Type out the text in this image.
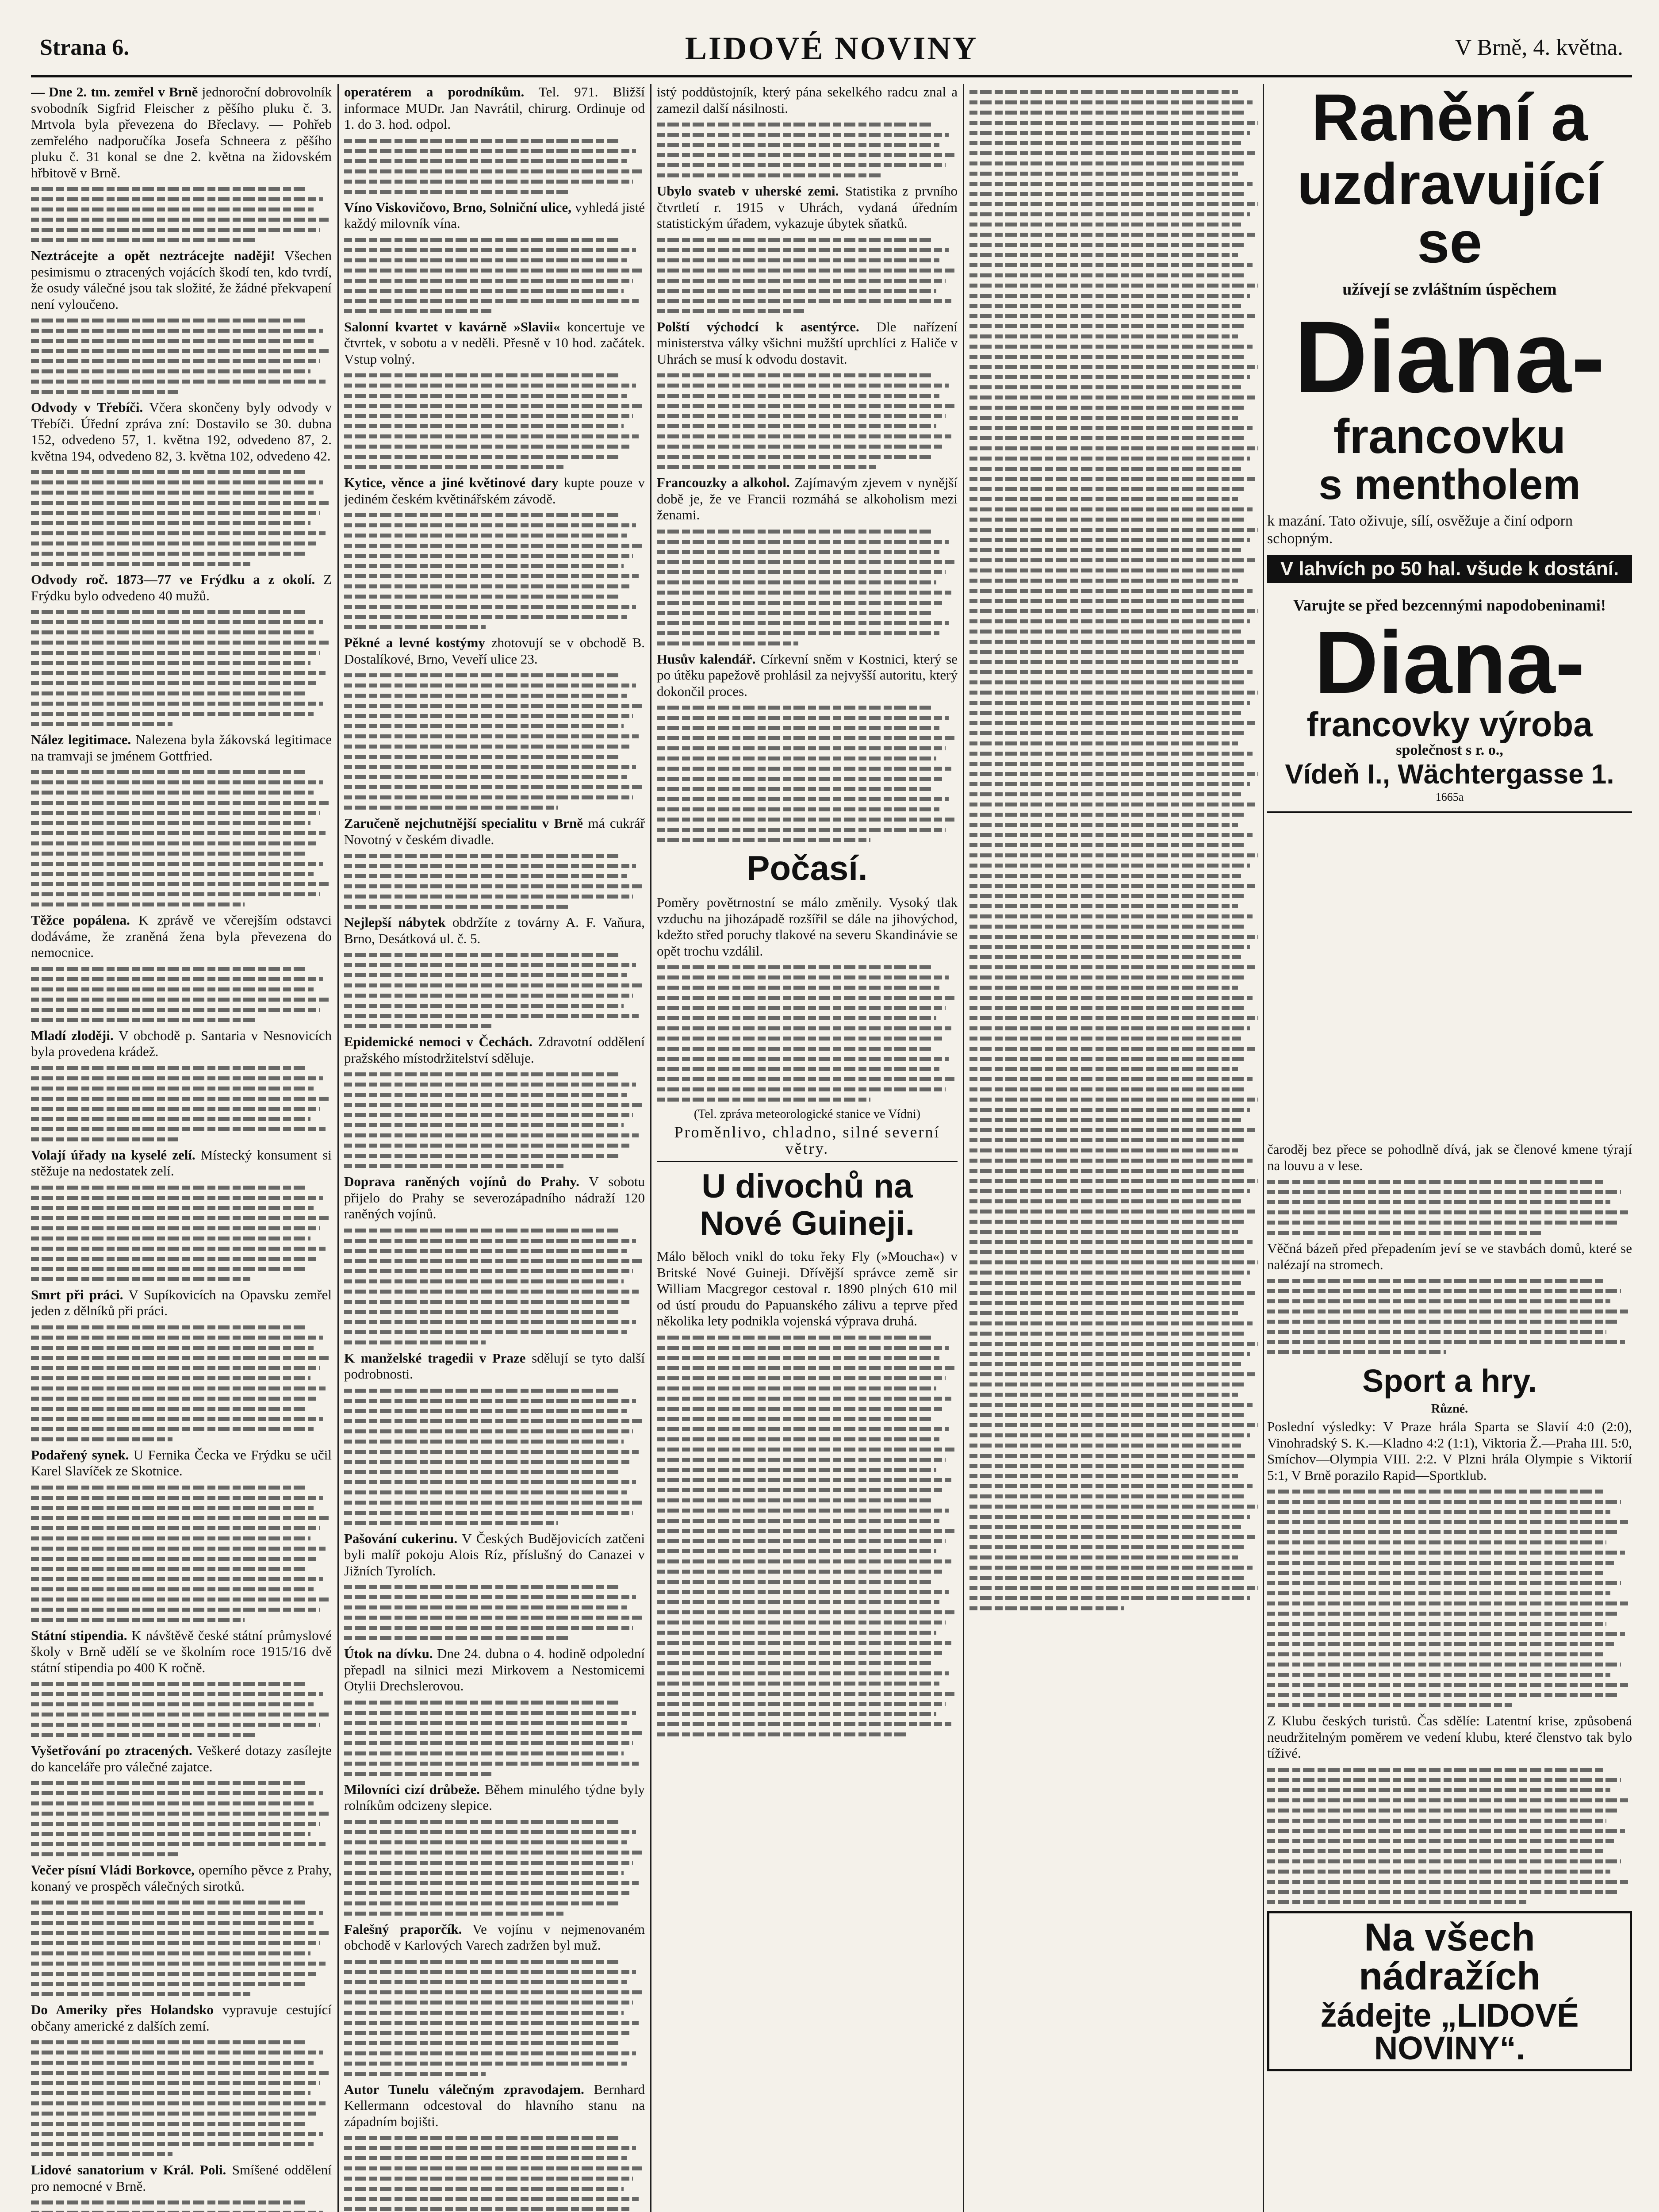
Strana 6.	LIDOVÉ NOVINY	V Brně, 4. května.

— Dne 2. tm. zemřel v Brně jednoroční dobrovolník svobodník Sigfrid Fleischer z pěšího pluku č. 3. Mrtvola byla převezena do Břeclavy. — Pohřeb zemřelého nadporučíka Josefa Schneera z pěšího pluku č. 31 konal se dne 2. května na židovském hřbitově v Brně.

Neztrácejte a opět neztrácejte naději! Všechen pesimismu o ztracených vojácích škodí ten, kdo tvrdí, že osudy válečné jsou tak složité, že žádné překvapení není vyloučeno.

Odvody v Třebíči. Včera skončeny byly odvody v Třebíči. Úřední zpráva zní: Dostavilo se 30. dubna 152, odvedeno 57, 1. května 192, odvedeno 87, 2. května 194, odvedeno 82, 3. května 102, odvedeno 42.

Odvody roč. 1873—77 ve Frýdku a z okolí. Z Frýdku bylo odvedeno 40 mužů.

Nález legitimace. Nalezena byla žákovská legitimace na tramvaji se jménem Gottfried.

Těžce popálena. K zprávě ve včerejším odstavci dodáváme, že zraněná žena byla převezena do nemocnice.

Mladí zloději. V obchodě p. Santaria v Nesnovicích byla provedena krádež.

Volají úřady na kyselé zelí. Místecký konsument si stěžuje na nedostatek zelí.

Smrt při práci. V Supíkovicích na Opavsku zemřel jeden z dělníků při práci.

Podařený synek. U Fernika Čecka ve Frýdku se učil Karel Slavíček ze Skotnice.

Státní stipendia. K návštěvě české státní průmyslové školy v Brně udělí se ve školním roce 1915/16 dvě státní stipendia po 400 K ročně.

Vyšetřování po ztracených. Veškeré dotazy zasílejte do kanceláře pro válečné zajatce.

Večer písní Vládi Borkovce, operního pěvce z Prahy, konaný ve prospěch válečných sirotků.

Do Ameriky přes Holandsko vypravuje cestující občany americké z dalších zemí.

Lidové sanatorium v Král. Poli. Smíšené oddělení pro nemocné v Brně.

operatérem a porodníkům. Tel. 971. Bližší informace MUDr. Jan Navrátil, chirurg. Ordinuje od 1. do 3. hod. odpol.

Víno Viskovičovo, Brno, Solniční ulice, vyhledá jisté každý milovník vína.

Salonní kvartet v kavárně »Slavii« koncertuje ve čtvrtek, v sobotu a v neděli. Přesně v 10 hod. začátek. Vstup volný.

Kytice, věnce a jiné květinové dary kupte pouze v jediném českém květinářském závodě.

Pěkné a levné kostýmy zhotovují se v obchodě B. Dostalíkové, Brno, Veveří ulice 23.

Zaručeně nejchutnější specialitu v Brně má cukrář Novotný v českém divadle.

Nejlepší nábytek obdržíte z továrny A. F. Vaňura, Brno, Desátková ul. č. 5.

Epidemické nemoci v Čechách. Zdravotní oddělení pražského místodržitelství sděluje.

Doprava raněných vojínů do Prahy. V sobotu přijelo do Prahy se severozápadního nádraží 120 raněných vojínů.

K manželské tragedii v Praze sdělují se tyto další podrobnosti.

Pašování cukerinu. V Českých Budějovicích zatčeni byli malíř pokoju Alois Ríz, příslušný do Canazei v Jižních Tyrolích.

Útok na dívku. Dne 24. dubna o 4. hodině odpolední přepadl na silnici mezi Mirkovem a Nestomicemi Otylii Drechslerovou.

Milovníci cizí drůbeže. Během minulého týdne byly rolníkům odcizeny slepice.

Falešný praporčík. Ve vojínu v nejmenovaném obchodě v Karlových Varech zadržen byl muž.

Autor Tunelu válečným zpravodajem. Bernhard Kellermann odcestoval do hlavního stanu na západním bojišti.

istý poddůstojník, který pána sekelkého radcu znal a zamezil další násilnosti.

Ubylo svateb v uherské zemi. Statistika z prvního čtvrtletí r. 1915 v Uhrách, vydaná úředním statistickým úřadem, vykazuje úbytek sňatků.

Polští východcí k asentýrce. Dle nařízení ministerstva války všichni mužští uprchlíci z Haliče v Uhrách se musí k odvodu dostavit.

Francouzky a alkohol. Zajímavým zjevem v nynější době je, že ve Francii rozmáhá se alkoholism mezi ženami.

Husův kalendář. Církevní sněm v Kostnici, který se po útěku papežově prohlásil za nejvyšší autoritu, který dokončil proces.

Počasí.

Poměry povětrnostní se málo změnily. Vysoký tlak vzduchu na jihozápadě rozšířil se dále na jihovýchod, kdežto střed poruchy tlakové na severu Skandinávie se opět trochu vzdálil.

(Tel. zpráva meteorologické stanice ve Vídni)

Proměnlivo, chladno, silné severní větry.

U divochů na Nové Guineji.

Málo běloch vnikl do toku řeky Fly (»Moucha«) v Britské Nové Guineji. Dřívější správce země sir William Macgregor cestoval r. 1890 plných 610 mil od ústí proudu do Papuanského zálivu a teprve před několika lety podnikla vojenská výprava druhá.

čaroděj bez přece se pohodlně dívá, jak se členové kmene týrají na louvu a v lese.

Věčná bázeň před přepadením jeví se ve stavbách domů, které se nalézají na stromech.

Sport a hry.
Různé.

Poslední výsledky: V Praze hrála Sparta se Slavií 4:0 (2:0), Vinohradský S. K.—Kladno 4:2 (1:1), Viktoria Ž.—Praha III. 5:0, Smíchov—Olympia VIII. 2:2. V Plzni hrála Olympie s Viktorií 5:1, V Brně porazilo Rapid—Sportklub.

Z Klubu českých turistů. Čas sdělíe: Latentní krise, způsobená neudržitelným poměrem ve vedení klubu, které členstvo tak bylo tíživé.

Na všech nádražích
žádejte „LIDOVÉ NOVINY“.
Ranění a
uzdravující se
užívejí se zvláštním úspěchem
Diana-
francovku
s mentholem
k mazání. Tato oživuje, sílí, osvěžuje a činí odporn schopným.
V lahvích po 50 hal. všude k dostání.
Varujte se před bezcennými napodobeninami!
Diana-
francovky výroba
společnost s r. o.,
Vídeň I., Wächtergasse 1.
1665a
